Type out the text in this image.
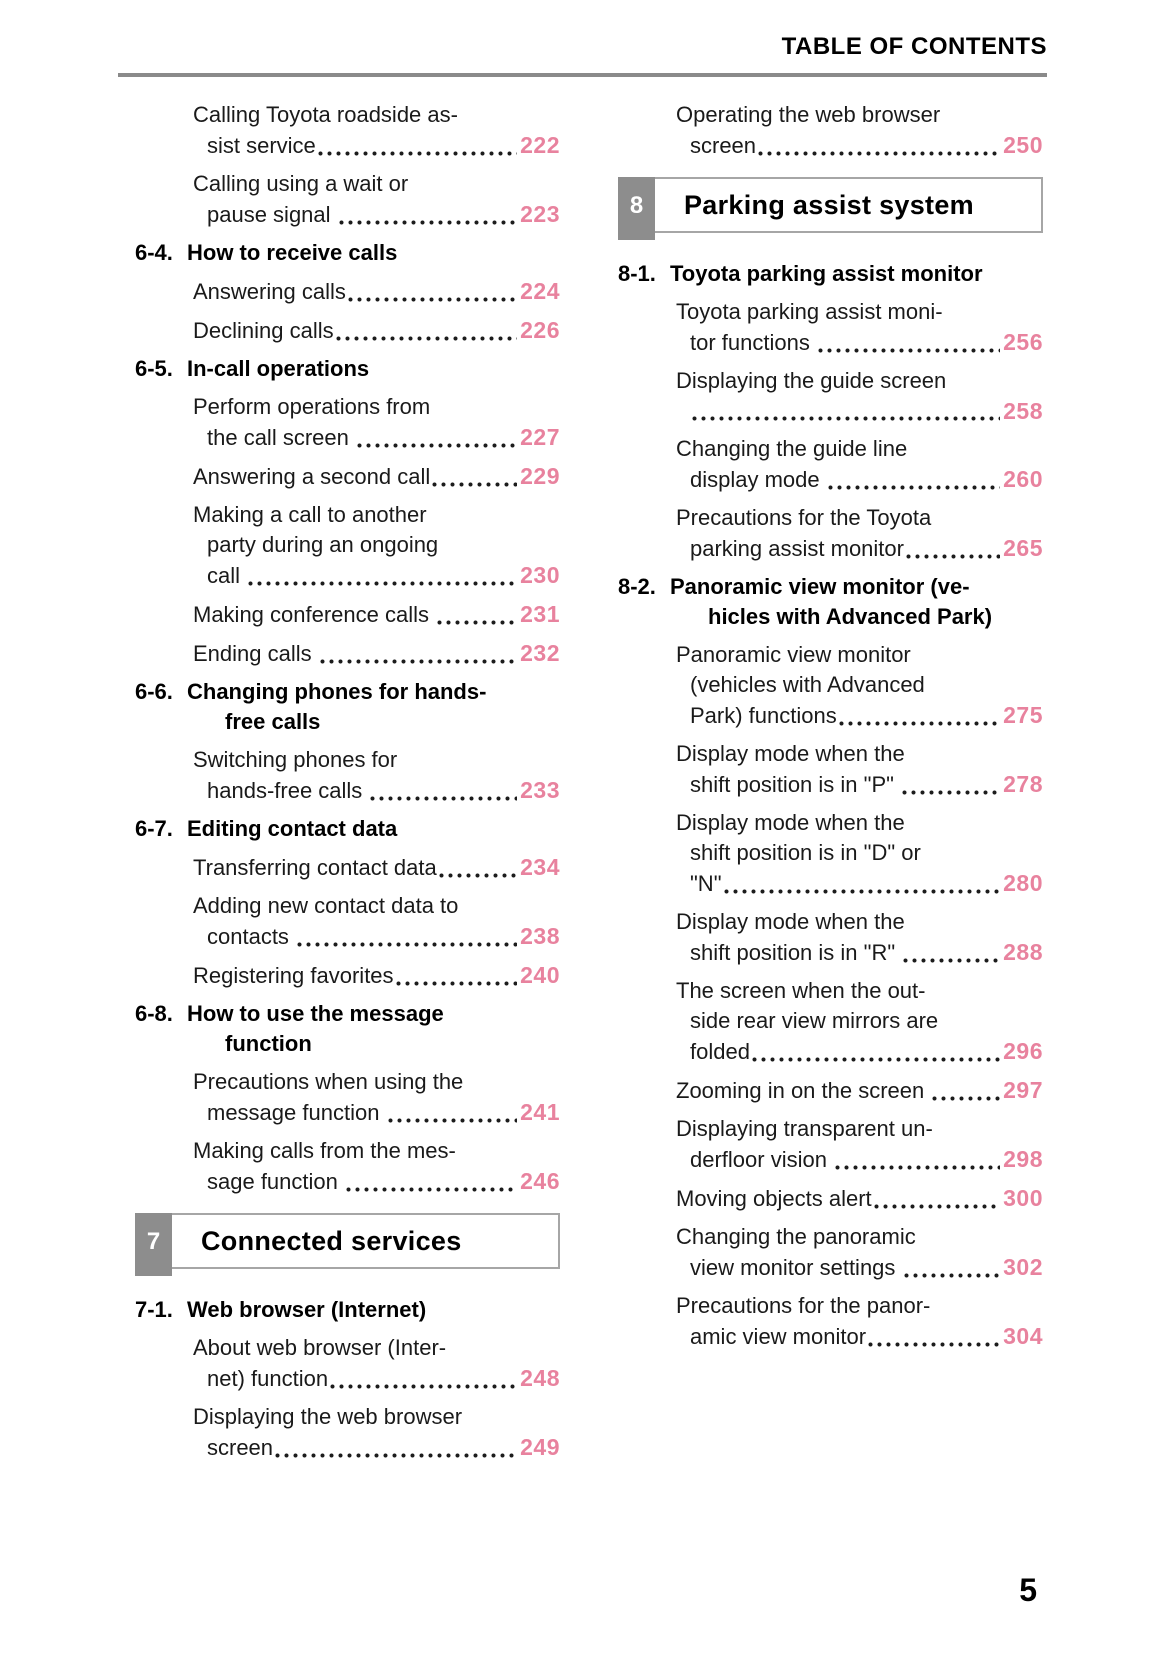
TABLE OF CONTENTS
Calling Toyota roadside as-
sist service	222
Calling using a wait or
pause signal	223
6-4. How to receive calls
Answering calls	224
Declining calls	226
6-5. In-call operations
Perform operations from
the call screen	227
Answering a second call	229
Making a call to another
party during an ongoing
call	230
Making conference calls	231
Ending calls	232
6-6. Changing phones for hands-
free calls
Switching phones for
hands-free calls	233
6-7. Editing contact data
Transferring contact data	234
Adding new contact data to
contacts	238
Registering favorites	240
6-8. How to use the message
function
Precautions when using the
message function	241
Making calls from the mes-
sage function	246
7	Connected services
7-1. Web browser (Internet)
About web browser (Inter-
net) function	248
Displaying the web browser
screen	249
Operating the web browser
screen	250
8	Parking assist system
8-1. Toyota parking assist monitor
Toyota parking assist moni-
tor functions	256
Displaying the guide screen
258
Changing the guide line
display mode	260
Precautions for the Toyota
parking assist monitor	265
8-2. Panoramic view monitor (ve-
hicles with Advanced Park)
Panoramic view monitor
(vehicles with Advanced
Park) functions	275
Display mode when the
shift position is in "P"	278
Display mode when the
shift position is in "D" or
"N"	280
Display mode when the
shift position is in "R"	288
The screen when the out-
side rear view mirrors are
folded	296
Zooming in on the screen	297
Displaying transparent un-
derfloor vision	298
Moving objects alert	300
Changing the panoramic
view monitor settings	302
Precautions for the panor-
amic view monitor	304
5
